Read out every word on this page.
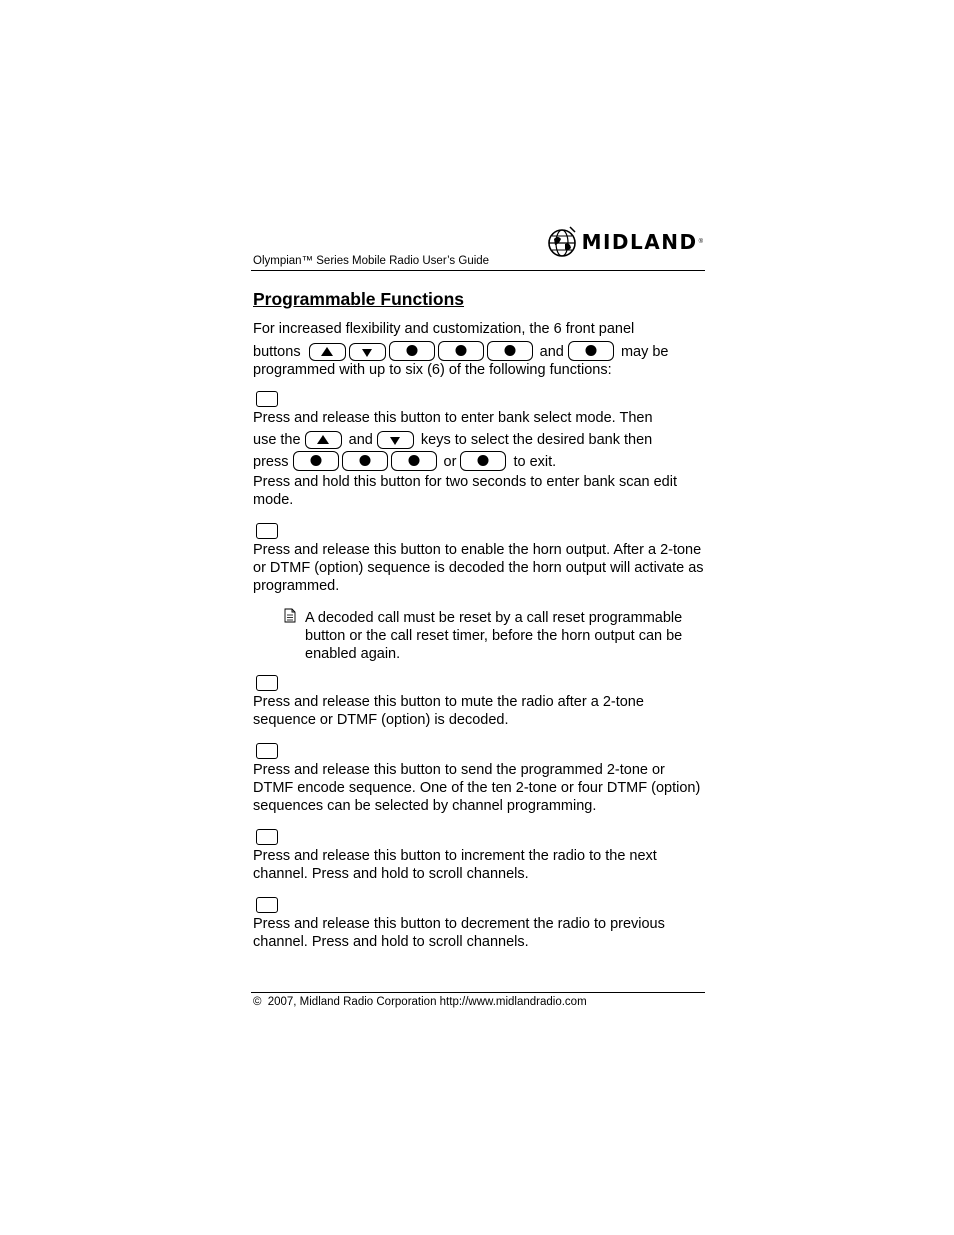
Olympian™ Series Mobile Radio User’s Guide
MIDLAND ®
Programmable Functions

For increased flexibility and customization, the 6 front panel

buttons	and	may be

programmed with up to six (6) of the following functions:

Press and release this button to enter bank select mode. Then

use the	and	keys to select the desired bank then

press	or	to exit.

Press and hold this button for two seconds to enter bank scan edit mode.

Press and release this button to enable the horn output. After a 2-tone or DTMF (option) sequence is decoded the horn output will activate as programmed.

A decoded call must be reset by a call reset programmable button or the call reset timer, before the horn output can be enabled again.

Press and release this button to mute the radio after a 2-tone sequence or DTMF (option) is decoded.

Press and release this button to send the programmed 2-tone or DTMF encode sequence. One of the ten 2-tone or four DTMF (option) sequences can be selected by channel programming.

Press and release this button to increment the radio to the next channel. Press and hold to scroll channels.

Press and release this button to decrement the radio to previous channel. Press and hold to scroll channels.

© 2007, Midland Radio Corporation http://www.midlandradio.com
